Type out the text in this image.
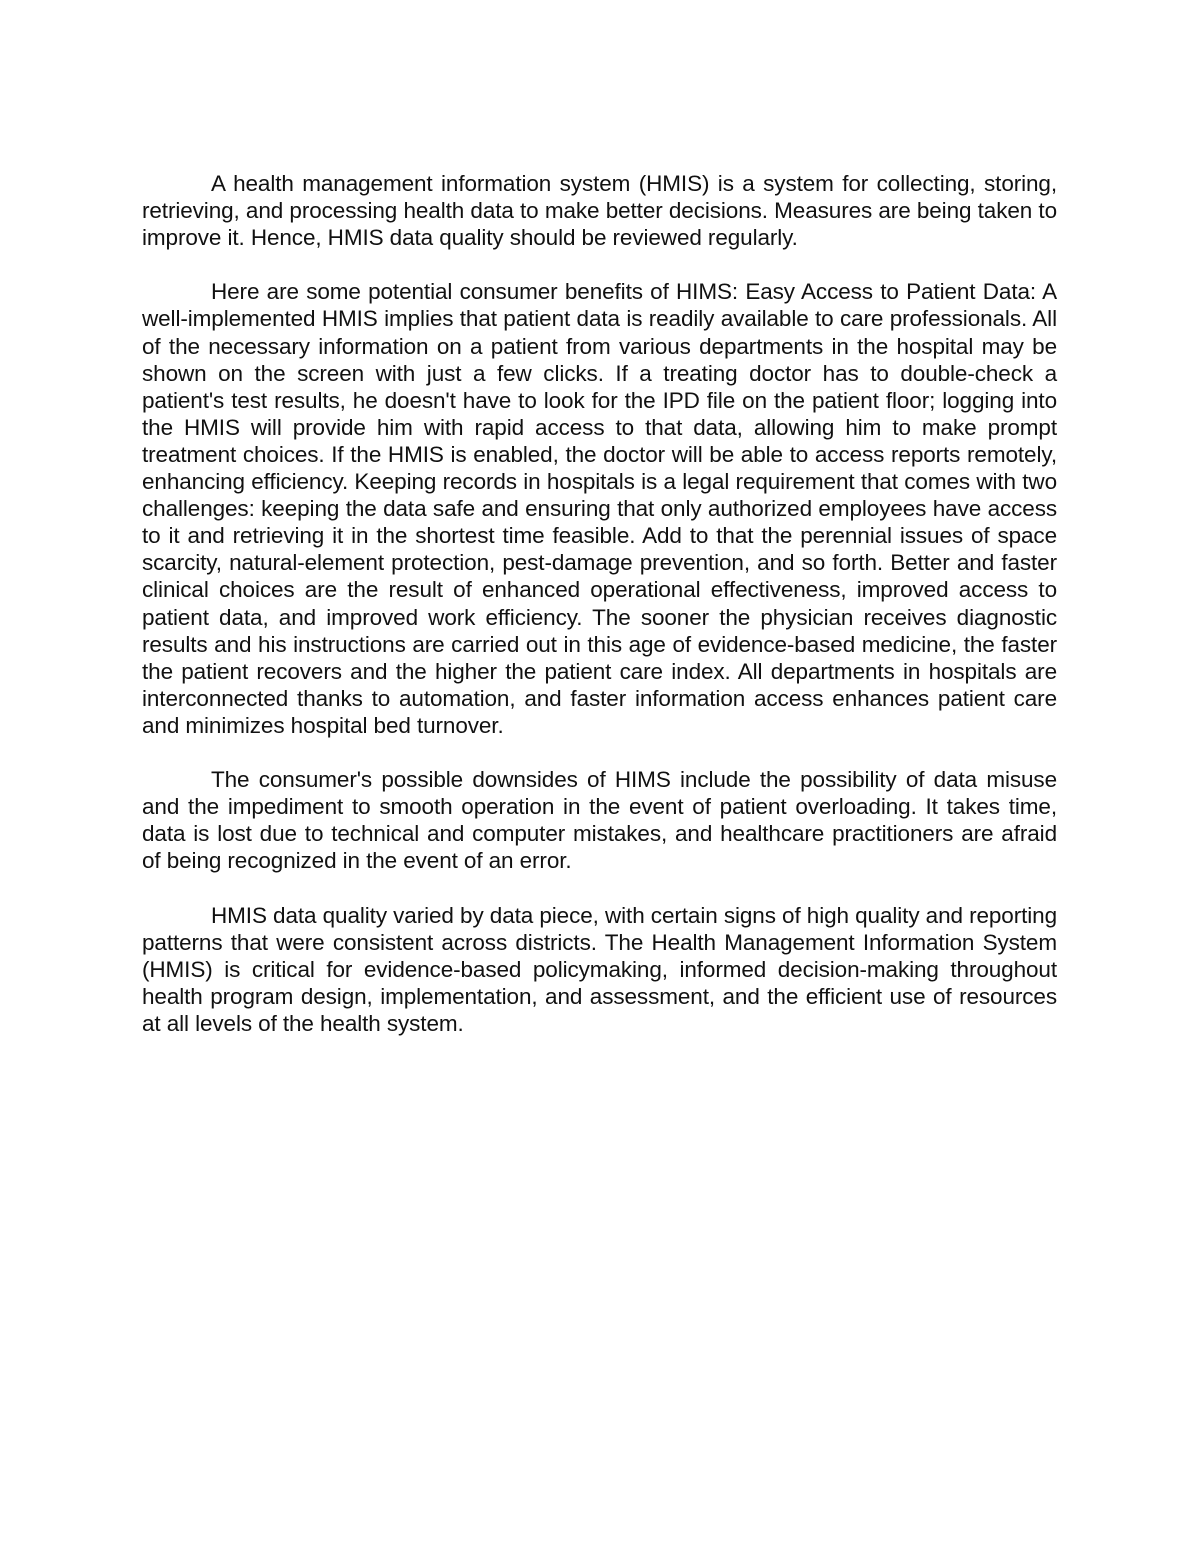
A health management information system (HMIS) is a system for collecting, storing, retrieving, and processing health data to make better decisions. Measures are being taken to improve it. Hence, HMIS data quality should be reviewed regularly.

Here are some potential consumer benefits of HIMS: Easy Access to Patient Data: A well-implemented HMIS implies that patient data is readily available to care professionals. All of the necessary information on a patient from various departments in the hospital may be shown on the screen with just a few clicks. If a treating doctor has to double-check a patient's test results, he doesn't have to look for the IPD file on the patient floor; logging into the HMIS will provide him with rapid access to that data, allowing him to make prompt treatment choices. If the HMIS is enabled, the doctor will be able to access reports remotely, enhancing efficiency. Keeping records in hospitals is a legal requirement that comes with two challenges: keeping the data safe and ensuring that only authorized employees have access to it and retrieving it in the shortest time feasible. Add to that the perennial issues of space scarcity, natural-element protection, pest-damage prevention, and so forth. Better and faster clinical choices are the result of enhanced operational effectiveness, improved access to patient data, and improved work efficiency. The sooner the physician receives diagnostic results and his instructions are carried out in this age of evidence-based medicine, the faster the patient recovers and the higher the patient care index. All departments in hospitals are interconnected thanks to automation, and faster information access enhances patient care and minimizes hospital bed turnover.

The consumer's possible downsides of HIMS include the possibility of data misuse and the impediment to smooth operation in the event of patient overloading. It takes time, data is lost due to technical and computer mistakes, and healthcare practitioners are afraid of being recognized in the event of an error.

HMIS data quality varied by data piece, with certain signs of high quality and reporting patterns that were consistent across districts. The Health Management Information System (HMIS) is critical for evidence-based policymaking, informed decision-making throughout health program design, implementation, and assessment, and the efficient use of resources at all levels of the health system.
